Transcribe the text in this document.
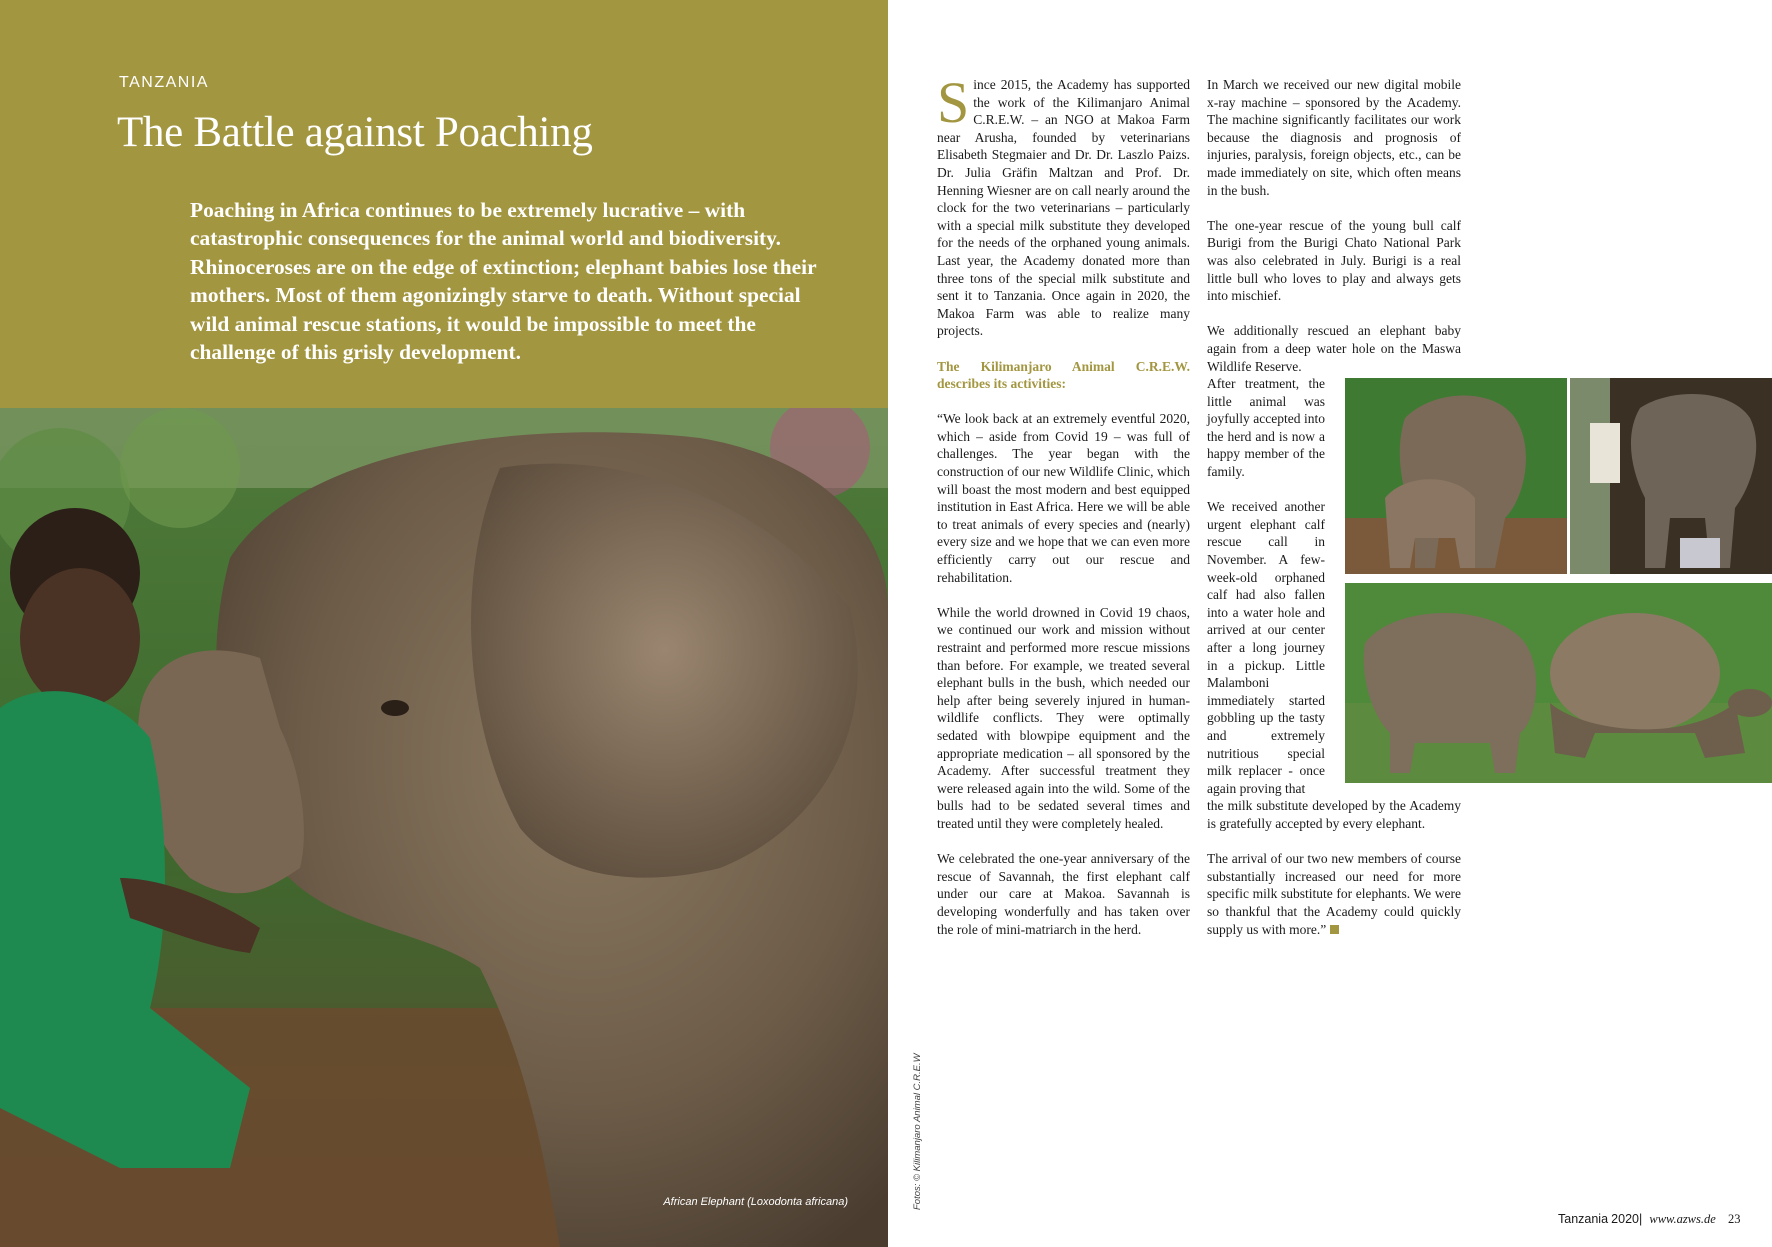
TANZANIA
The Battle against Poaching
Poaching in Africa continues to be extremely lucrative – with catastrophic consequences for the animal world and biodiversity. Rhinoceroses are on the edge of extinction; elephant babies lose their mothers. Most of them agonizingly starve to death. Without special wild animal rescue stations, it would be impossible to meet the challenge of this grisly development.
African Elephant (Loxodonta africana)	Fotos: © Kilimanjaro Animal C.R.E.W

Since 2015, the Academy has supported the work of the Kilimanjaro Animal C.R.E.W. – an NGO at Makoa Farm near Arusha, founded by veterinarians Elisabeth Stegmaier and Dr. Dr. Laszlo Paizs. Dr. Julia Gräfin Maltzan and Prof. Dr. Henning Wiesner are on call nearly around the clock for the two veterinarians – particularly with a special milk substitute they developed for the needs of the orphaned young animals. Last year, the Academy donated more than three tons of the special milk substitute and sent it to Tanzania. Once again in 2020, the Makoa Farm was able to realize many projects.

The Kilimanjaro Animal C.R.E.W. describes its activities:

“We look back at an extremely eventful 2020, which – aside from Covid 19 – was full of challenges. The year began with the construction of our new Wildlife Clinic, which will boast the most modern and best equipped institution in East Africa. Here we will be able to treat animals of every species and (nearly) every size and we hope that we can even more efficiently carry out our rescue and rehabilitation.

While the world drowned in Covid 19 chaos, we continued our work and mission without restraint and performed more rescue missions than before. For example, we treated several elephant bulls in the bush, which needed our help after being severely injured in human-wildlife conflicts. They were optimally sedated with blowpipe equipment and the appropriate medication – all sponsored by the Academy. After successful treatment they were released again into the wild. Some of the bulls had to be sedated several times and treated until they were completely healed.

We celebrated the one-year anniversary of the rescue of Savannah, the first elephant calf under our care at Makoa. Savannah is developing wonderfully and has taken over the role of mini-matriarch in the herd.

In March we received our new digital mobile x-ray machine – sponsored by the Academy. The machine significantly facilitates our work because the diagnosis and prognosis of injuries, paralysis, foreign objects, etc., can be made immediately on site, which often means in the bush.

The one-year rescue of the young bull calf Burigi from the Burigi Chato National Park was also celebrated in July. Burigi is a real little bull who loves to play and always gets into mischief.

We additionally rescued an elephant baby again from a deep water hole on the Maswa Wildlife Reserve.

After treatment, the little animal was joyfully accepted into the herd and is now a happy member of the family.

We received another urgent elephant calf rescue call in November. A few-week-old orphaned calf had also fallen into a water hole and arrived at our center after a long journey in a pickup. Little Malamboni immediately started gobbling up the tasty and extremely nutritious special milk replacer - once again proving that

the milk substitute developed by the Academy is gratefully accepted by every elephant.

The arrival of our two new members of course substantially increased our need for more specific milk substitute for elephants. We were so thankful that the Academy could quickly supply us with more.”

Tanzania 2020| www.azws.de 23
